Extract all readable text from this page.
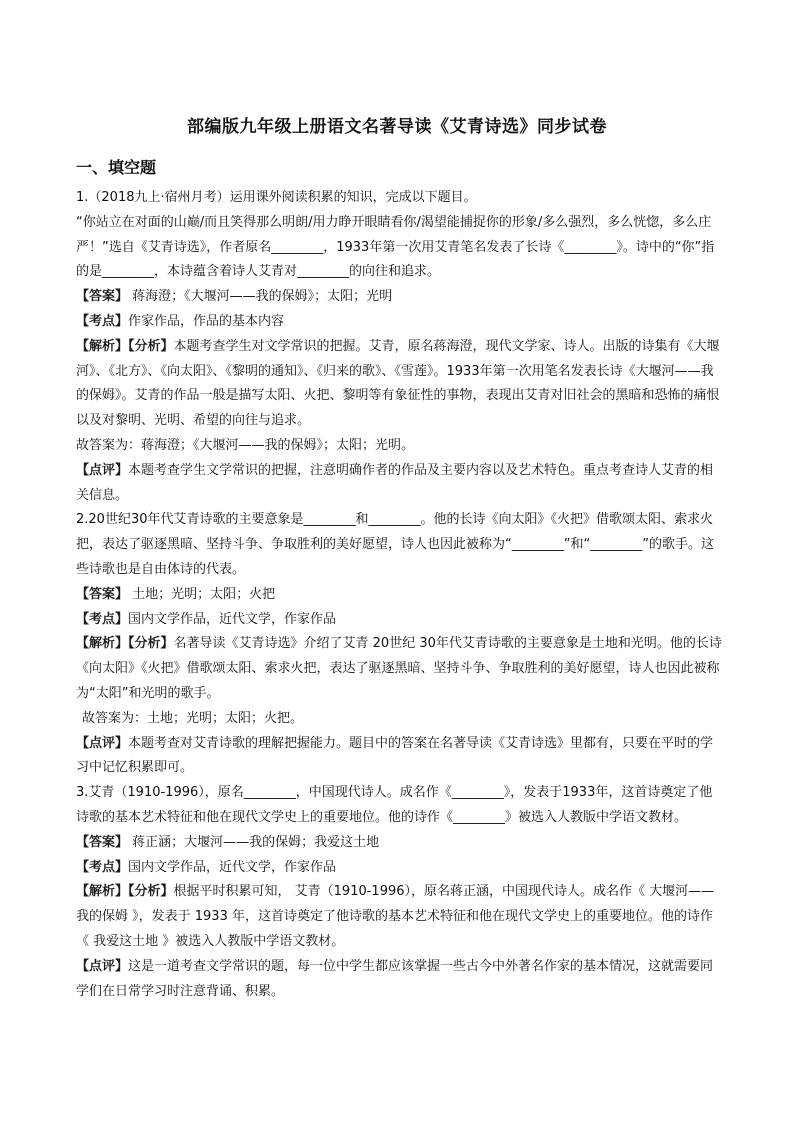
部编版九年级上册语文名著导读《艾青诗选》同步试卷
一、填空题

1.（2018九上·宿州月考）运用课外阅读积累的知识，完成以下题目。

“你站立在对面的山巅/而且笑得那么明朗/用力睁开眼睛看你/渴望能捕捉你的形象/多么强烈，多么恍惚，多么庄严！”选自《艾青诗选》，作者原名________，1933年第一次用艾青笔名发表了长诗《________》。诗中的“你”指的是________，本诗蕴含着诗人艾青对________的向往和追求。

【答案】 蒋海澄；《大堰河——我的保姆》；太阳；光明

【考点】作家作品，作品的基本内容

【解析】【分析】本题考查学生对文学常识的把握。艾青，原名蒋海澄，现代文学家、诗人。出版的诗集有《大堰河》、《北方》、《向太阳》、《黎明的通知》、《归来的歌》、《雪莲》。1933年第一次用笔名发表长诗《大堰河——我的保姆》。艾青的作品一般是描写太阳、火把、黎明等有象征性的事物，表现出艾青对旧社会的黑暗和恐怖的痛恨以及对黎明、光明、希望的向往与追求。

故答案为：蒋海澄；《大堰河——我的保姆》；太阳；光明。

【点评】本题考查学生文学常识的把握，注意明确作者的作品及主要内容以及艺术特色。重点考查诗人艾青的相关信息。

2.20世纪30年代艾青诗歌的主要意象是________和________。他的长诗《向太阳》《火把》借歌颂太阳、索求火把，表达了驱逐黑暗、坚持斗争、争取胜利的美好愿望，诗人也因此被称为“________”和“________”的歌手。这些诗歌也是自由体诗的代表。

【答案】 土地；光明；太阳；火把

【考点】国内文学作品，近代文学，作家作品

【解析】【分析】名著导读《艾青诗选》介绍了艾青 20世纪 30年代艾青诗歌的主要意象是土地和光明。他的长诗《向太阳》《火把》借歌颂太阳、索求火把，表达了驱逐黑暗、坚持斗争、争取胜利的美好愿望，诗人也因此被称为“太阳”和光明的歌手。

故答案为：土地；光明；太阳；火把。

【点评】本题考查对艾青诗歌的理解把握能力。题目中的答案在名著导读《艾青诗选》里都有，只要在平时的学习中记忆积累即可。

3.艾青（1910-1996），原名________，中国现代诗人。成名作《________》，发表于1933年，这首诗奠定了他诗歌的基本艺术特征和他在现代文学史上的重要地位。他的诗作《________》被选入人教版中学语文教材。

【答案】 蒋正涵；大堰河——我的保姆；我爱这土地

【考点】国内文学作品，近代文学，作家作品

【解析】【分析】根据平时积累可知， 艾青（1910-1996），原名蒋正涵，中国现代诗人。成名作《 大堰河——我的保姆 》，发表于 1933 年，这首诗奠定了他诗歌的基本艺术特征和他在现代文学史上的重要地位。他的诗作《 我爱这土地 》被选入人教版中学语文教材。

【点评】这是一道考查文学常识的题，每一位中学生都应该掌握一些古今中外著名作家的基本情况，这就需要同学们在日常学习时注意背诵、积累。
